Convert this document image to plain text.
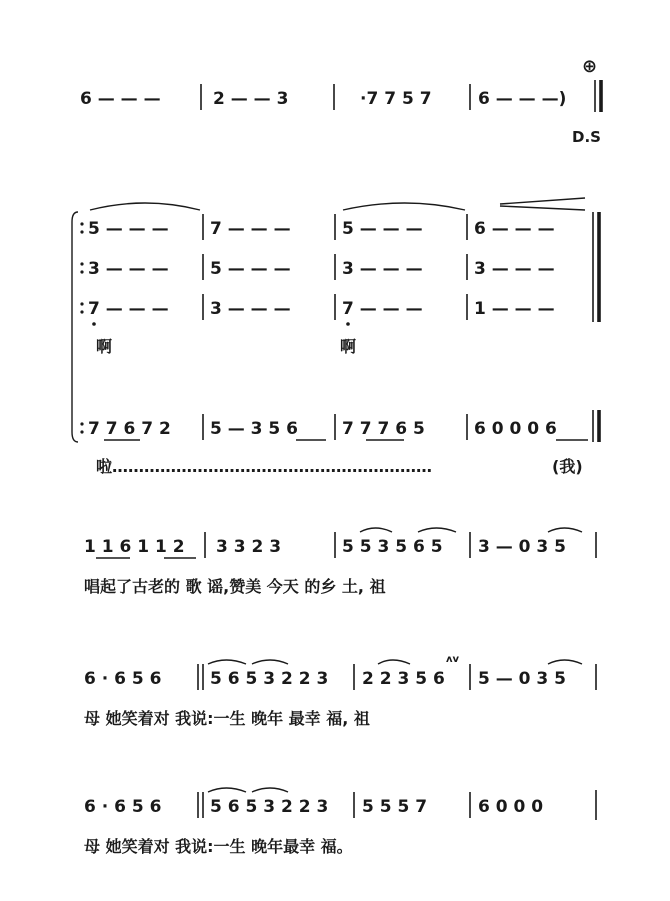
6 — — —	2 — — 3	·7 7 5 7	6 — — —)
⊕
D.S
5 — — — 7 — — —	5 — — —	6 — — —
3 — — — 5 — — —	3 — — —	3 — — —
7 — — — 3 — — —	7 — — —	1 — — —
啊	啊
7 7 6 7 2 5 — 3 5 6	7 7 7 6 5	6 0 0 0 6
啦……………………………………………………	(我)
1 1 6 1 1 2 3 3 2 3	5 5 3 5 6 5 3 — 0 3 5
唱起了古老的 歌 谣,赞美 今天 的乡 土, 祖
6 · 6 5 6	5 6 5 3 2 2 3 2 2 3 5 6 5 — 0 3 5
ʌv
母 她笑着对 我说:一生 晚年 最幸 福, 祖
6 · 6 5 6	5 6 5 3 2 2 3 5 5 5 7	6 0 0 0
母 她笑着对 我说:一生 晚年最幸 福。
